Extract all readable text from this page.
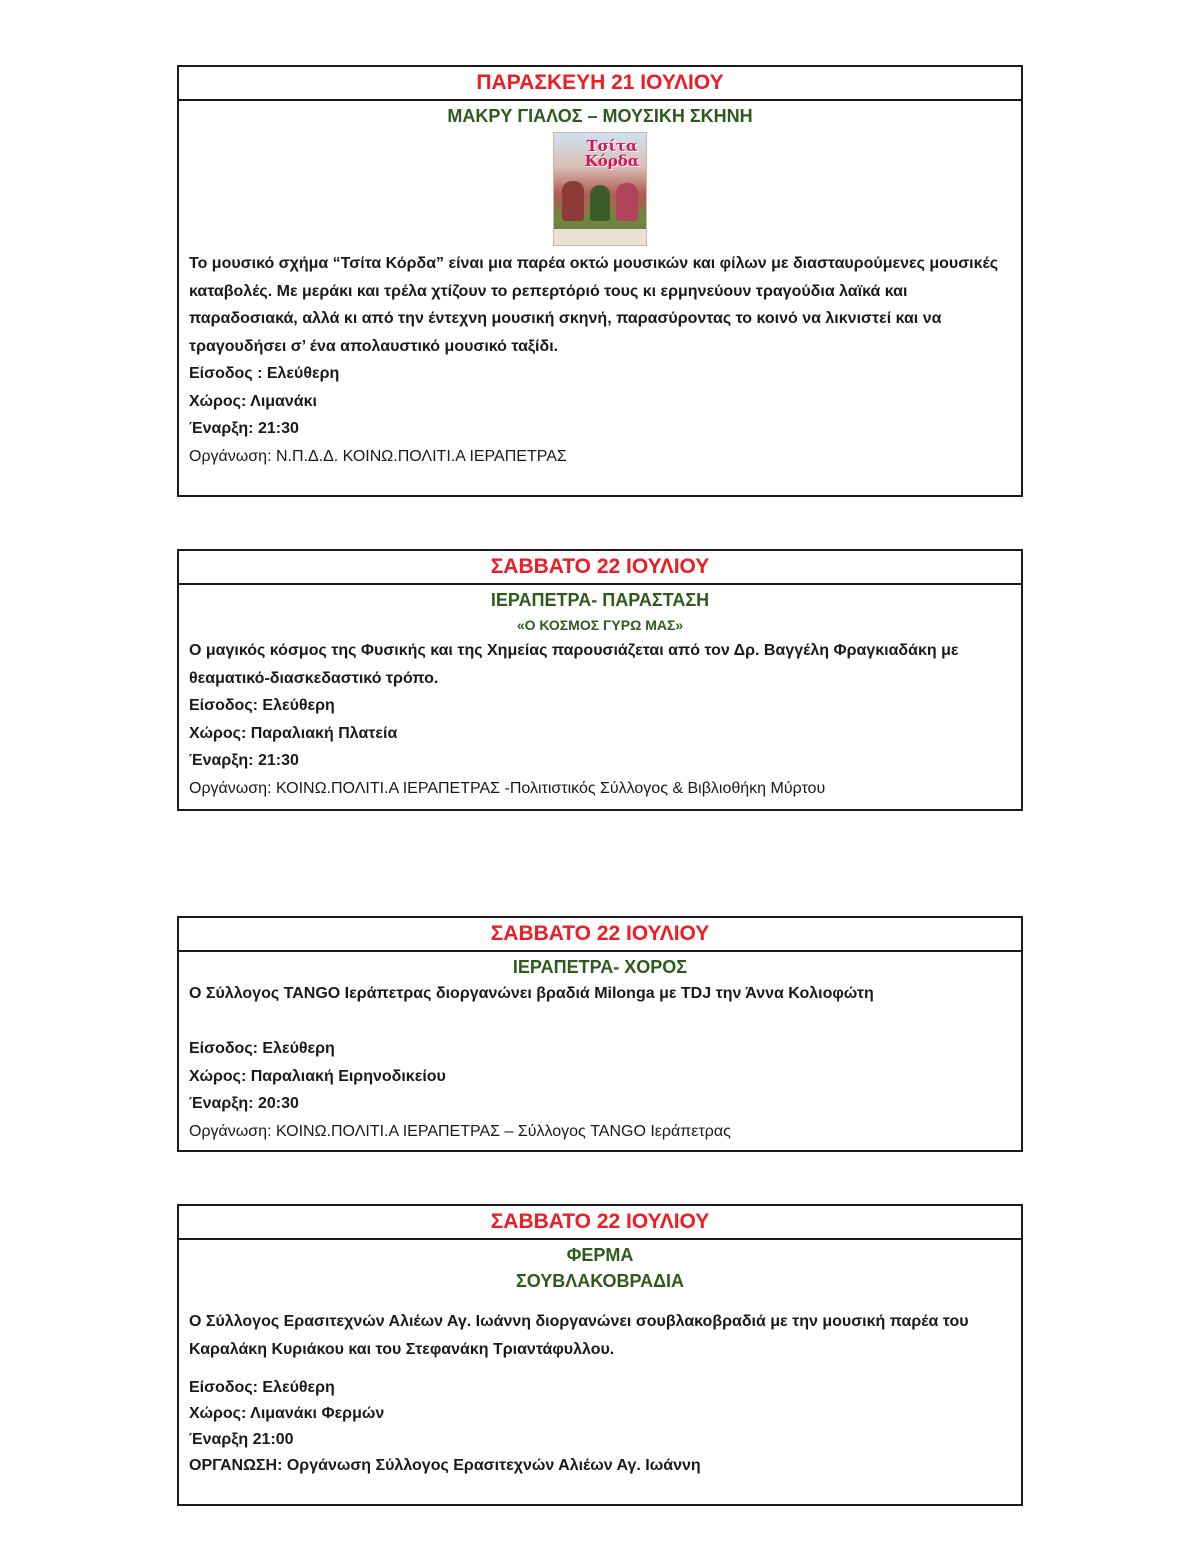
ΠΑΡΑΣΚΕΥΗ 21 ΙΟΥΛΙΟΥ
ΜΑΚΡΥ ΓΙΑΛΟΣ – ΜΟΥΣΙΚΗ ΣΚΗΝΗ
Τσίτα Κόρδα
Το μουσικό σχήμα “Τσίτα Κόρδα” είναι μια παρέα οκτώ μουσικών και φίλων με διασταυρούμενες μουσικές καταβολές. Με μεράκι και τρέλα χτίζουν το ρεπερτόριό τους κι ερμηνεύουν τραγούδια λαϊκά και παραδοσιακά, αλλά κι από την έντεχνη μουσική σκηνή, παρασύροντας το κοινό να λικνιστεί και να τραγουδήσει σ’ ένα απολαυστικό μουσικό ταξίδι.
Είσοδος : Ελεύθερη
Χώρος: Λιμανάκι
Έναρξη: 21:30
Οργάνωση: Ν.Π.Δ.Δ. ΚΟΙΝΩ.ΠΟΛΙΤΙ.Α ΙΕΡΑΠΕΤΡΑΣ
ΣΑΒΒΑΤΟ 22 ΙΟΥΛΙΟΥ
ΙΕΡΑΠΕΤΡΑ- ΠΑΡΑΣΤΑΣΗ
«Ο ΚΟΣΜΟΣ ΓΥΡΩ ΜΑΣ»
Ο μαγικός κόσμος της Φυσικής και της Χημείας παρουσιάζεται από τον Δρ. Βαγγέλη Φραγκιαδάκη με θεαματικό-διασκεδαστικό τρόπο.
Είσοδος: Ελεύθερη
Χώρος: Παραλιακή Πλατεία
Έναρξη: 21:30
Οργάνωση: ΚΟΙΝΩ.ΠΟΛΙΤΙ.Α ΙΕΡΑΠΕΤΡΑΣ -Πολιτιστικός Σύλλογος & Βιβλιοθήκη Μύρτου
ΣΑΒΒΑΤΟ 22 ΙΟΥΛΙΟΥ
ΙΕΡΑΠΕΤΡΑ- ΧΟΡΟΣ
Ο Σύλλογος TANGO Ιεράπετρας διοργανώνει βραδιά Milonga με TDJ την Άννα Κολιοφώτη

Είσοδος: Ελεύθερη
Χώρος: Παραλιακή Ειρηνοδικείου
Έναρξη: 20:30
Οργάνωση: ΚΟΙΝΩ.ΠΟΛΙΤΙ.Α ΙΕΡΑΠΕΤΡΑΣ – Σύλλογος TANGO Ιεράπετρας
ΣΑΒΒΑΤΟ 22 ΙΟΥΛΙΟΥ
ΦΕΡΜΑ
ΣΟΥΒΛΑΚΟΒΡΑΔΙΑ
Ο Σύλλογος Ερασιτεχνών Αλιέων Αγ. Ιωάννη διοργανώνει σουβλακοβραδιά με την μουσική παρέα του Καραλάκη Κυριάκου και του Στεφανάκη Τριαντάφυλλου.
Είσοδος: Ελεύθερη
Χώρος: Λιμανάκι Φερμών
Έναρξη 21:00
ΟΡΓΑΝΩΣΗ: Οργάνωση Σύλλογος Ερασιτεχνών Αλιέων Αγ. Ιωάννη
